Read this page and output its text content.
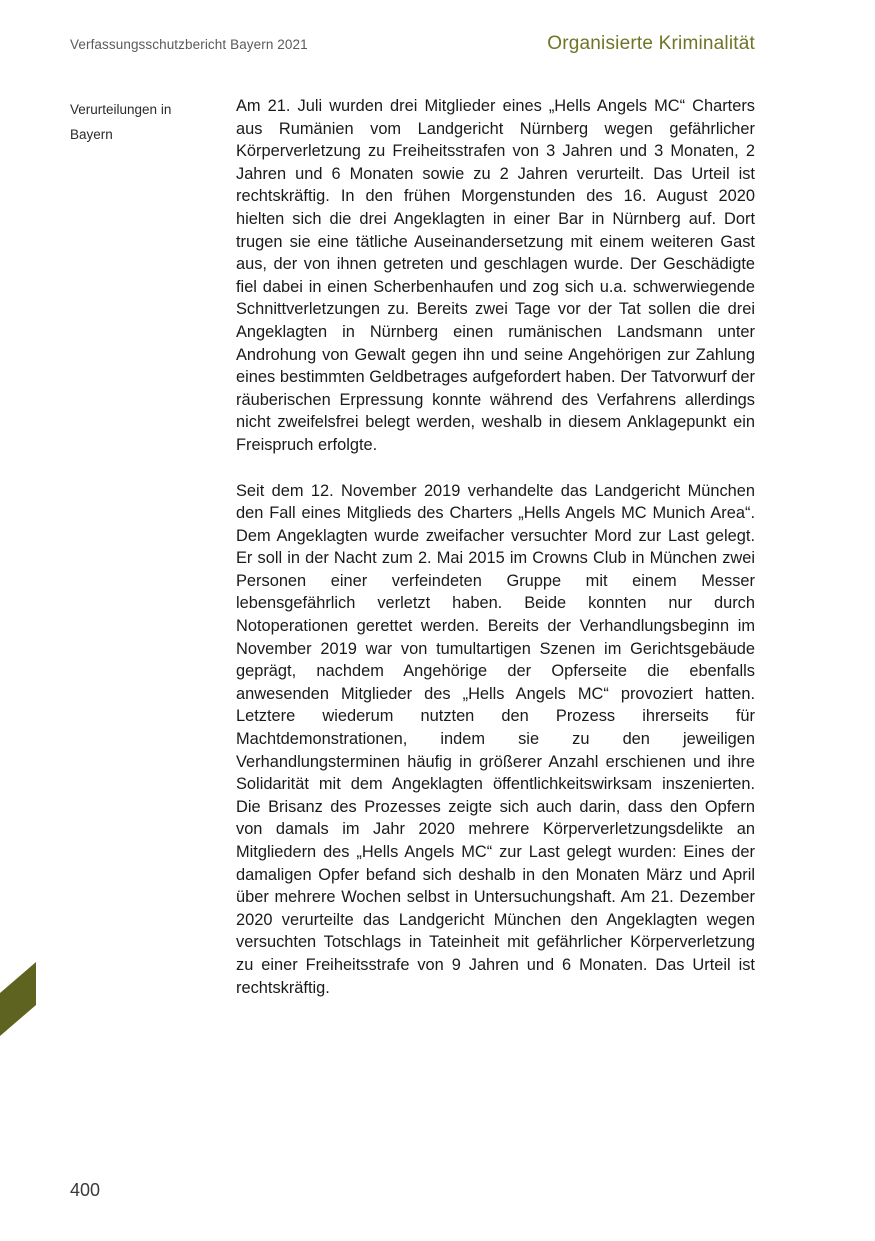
Verfassungsschutzbericht Bayern 2021	Organisierte Kriminalität
Verurteilungen in
Bayern

Am 21. Juli wurden drei Mitglieder eines „Hells Angels MC“ Charters aus Rumänien vom Landgericht Nürnberg wegen gefährlicher Körperverletzung zu Freiheitsstrafen von 3 Jahren und 3 Monaten, 2 Jahren und 6 Monaten sowie zu 2 Jahren verurteilt. Das Urteil ist rechtskräftig. In den frühen Morgenstunden des 16. August 2020 hielten sich die drei Angeklagten in einer Bar in Nürnberg auf. Dort trugen sie eine tätliche Auseinandersetzung mit einem weiteren Gast aus, der von ihnen getreten und geschlagen wurde. Der Geschädigte fiel dabei in einen Scherbenhaufen und zog sich u.a. schwerwiegende Schnittverletzungen zu. Bereits zwei Tage vor der Tat sollen die drei Angeklagten in Nürnberg einen rumänischen Landsmann unter Androhung von Gewalt gegen ihn und seine Angehörigen zur Zahlung eines bestimmten Geldbetrages aufgefordert haben. Der Tatvorwurf der räuberischen Erpressung konnte während des Verfahrens allerdings nicht zweifelsfrei belegt werden, weshalb in diesem Anklagepunkt ein Freispruch erfolgte.

Seit dem 12. November 2019 verhandelte das Landgericht München den Fall eines Mitglieds des Charters „Hells Angels MC Munich Area“. Dem Angeklagten wurde zweifacher versuchter Mord zur Last gelegt. Er soll in der Nacht zum 2. Mai 2015 im Crowns Club in München zwei Personen einer verfeindeten Gruppe mit einem Messer lebensgefährlich verletzt haben. Beide konnten nur durch Notoperationen gerettet werden. Bereits der Verhandlungsbeginn im November 2019 war von tumultartigen Szenen im Gerichtsgebäude geprägt, nachdem Angehörige der Opferseite die ebenfalls anwesenden Mitglieder des „Hells Angels MC“ provoziert hatten. Letztere wiederum nutzten den Prozess ihrerseits für Machtdemonstrationen, indem sie zu den jeweiligen Verhandlungsterminen häufig in größerer Anzahl erschienen und ihre Solidarität mit dem Angeklagten öffentlichkeitswirksam inszenierten. Die Brisanz des Prozesses zeigte sich auch darin, dass den Opfern von damals im Jahr 2020 mehrere Körperverletzungsdelikte an Mitgliedern des „Hells Angels MC“ zur Last gelegt wurden: Eines der damaligen Opfer befand sich deshalb in den Monaten März und April über mehrere Wochen selbst in Untersuchungshaft. Am 21. Dezember 2020 verurteilte das Landgericht München den Angeklagten wegen versuchten Totschlags in Tateinheit mit gefährlicher Körperverletzung zu einer Freiheitsstrafe von 9 Jahren und 6 Monaten. Das Urteil ist rechtskräftig.

400
